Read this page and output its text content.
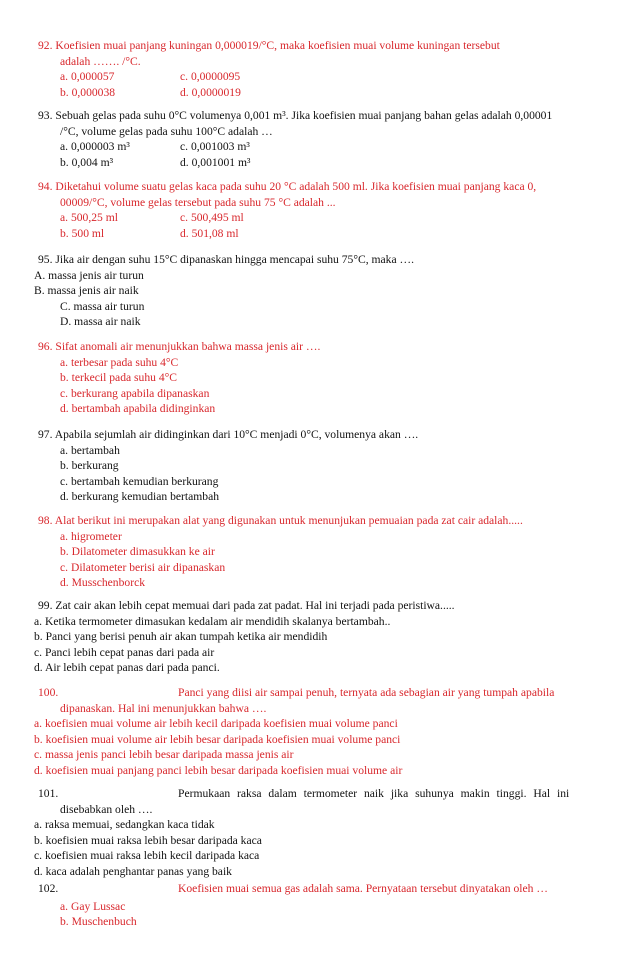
92. Koefisien muai panjang kuningan 0,000019/°C, maka koefisien muai volume kuningan tersebut
adalah ……. /°C.
a. 0,000057	c. 0,0000095
b. 0,000038	d. 0,0000019
93. Sebuah gelas pada suhu 0°C volumenya 0,001 m³. Jika koefisien muai panjang bahan gelas adalah 0,00001
/°C, volume gelas pada suhu 100°C adalah …
a. 0,000003 m³	c. 0,001003 m³
b. 0,004 m³	d. 0,001001 m³
94. Diketahui volume suatu gelas kaca pada suhu 20 °C adalah 500 ml. Jika koefisien muai panjang kaca 0,
00009/°C, volume gelas tersebut pada suhu 75 °C adalah ...
a. 500,25 ml	c. 500,495 ml
b. 500 ml	d. 501,08 ml
95. Jika air dengan suhu 15°C dipanaskan hingga mencapai suhu 75°C, maka ….
A. massa jenis air turun
B. massa jenis air naik
C. massa air turun
D. massa air naik
96. Sifat anomali air menunjukkan bahwa massa jenis air ….
a. terbesar pada suhu 4°C
b. terkecil pada suhu 4°C
c. berkurang apabila dipanaskan
d. bertambah apabila didinginkan
97. Apabila sejumlah air didinginkan dari 10°C menjadi 0°C, volumenya akan ….
a. bertambah
b. berkurang
c. bertambah kemudian berkurang
d. berkurang kemudian bertambah
98. Alat berikut ini merupakan alat yang digunakan untuk menunjukan pemuaian pada zat cair adalah.....
a. higrometer
b. Dilatometer dimasukkan ke air
c. Dilatometer berisi air dipanaskan
d. Musschenborck
99. Zat cair akan lebih cepat memuai dari pada zat padat. Hal ini terjadi pada peristiwa.....
a. Ketika termometer dimasukan kedalam air mendidih skalanya bertambah..
b. Panci yang berisi penuh air akan tumpah ketika air mendidih
c. Panci lebih cepat panas dari pada air
d. Air lebih cepat panas dari pada panci.
100.	Panci yang diisi air sampai penuh, ternyata ada sebagian air yang tumpah apabila
dipanaskan. Hal ini menunjukkan bahwa ….
a. koefisien muai volume air lebih kecil daripada koefisien muai volume panci
b. koefisien muai volume air lebih besar daripada koefisien muai volume panci
c. massa jenis panci lebih besar daripada massa jenis air
d. koefisien muai panjang panci lebih besar daripada koefisien muai volume air
101.	Permukaan raksa dalam termometer naik jika suhunya makin tinggi. Hal ini
disebabkan oleh ….
a. raksa memuai, sedangkan kaca tidak
b. koefisien muai raksa lebih besar daripada kaca
c. koefisien muai raksa lebih kecil daripada kaca
d. kaca adalah penghantar panas yang baik
102.	Koefisien muai semua gas adalah sama. Pernyataan tersebut dinyatakan oleh …
a. Gay Lussac
b. Muschenbuch
